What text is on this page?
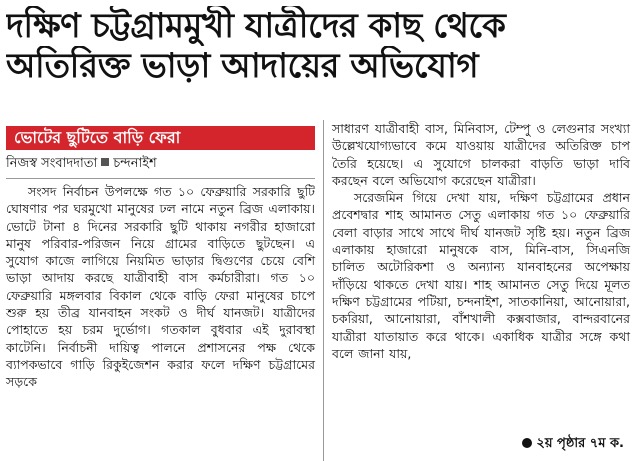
দক্ষিণ চট্টগ্রামমুখী যাত্রীদের কাছ থেকে
অতিরিক্ত ভাড়া আদায়ের অভিযোগ
ভোটের ছুটিতে বাড়ি ফেরা
নিজস্ব সংবাদদাতা চন্দনাইশ

সংসদ নির্বাচন উপলক্ষে গত ১০ ফেব্রুয়ারি সরকারি ছুটি ঘোষণার পর ঘরমুখো মানুষের ঢল নামে নতুন ব্রিজ এলাকায়। ভোটে টানা ৪ দিনের সরকারি ছুটি থাকায় নগরীর হাজারো মানুষ পরিবার-পরিজন নিয়ে গ্রামের বাড়িতে ছুটছেন। এ সুযোগ কাজে লাগিয়ে নিয়মিত ভাড়ার দ্বিগুণের চেয়ে বেশি ভাড়া আদায় করছে যাত্রীবাহী বাস কর্মচারীরা। গত ১০ ফেব্রুয়ারি মঙ্গলবার বিকাল থেকে বাড়ি ফেরা মানুষের চাপে শুরু হয় তীব্র যানবাহন সংকট ও দীর্ঘ যানজট। যাত্রীদের পোহাতে হয় চরম দুর্ভোগ। গতকাল বুধবার এই দুরাবস্থা কাটেনি। নির্বাচনী দায়িত্ব পালনে প্রশাসনের পক্ষ থেকে ব্যাপকভাবে গাড়ি রিকুইজেশন করার ফলে দক্ষিণ চট্টগ্রামের সড়কে

সাধারণ যাত্রীবাহী বাস, মিনিবাস, টেম্পু ও লেগুনার সংখ্যা উল্লেখযোগ্যভাবে কমে যাওয়ায় যাত্রীদের অতিরিক্ত চাপ তৈরি হয়েছে। এ সুযোগে চালকরা বাড়তি ভাড়া দাবি করছেন বলে অভিযোগ করেছেন যাত্রীরা।

সরেজমিন গিয়ে দেখা যায়, দক্ষিণ চট্টগ্রামের প্রধান প্রবেশদ্বার শাহ আমানত সেতু এলাকায় গত ১০ ফেব্রুয়ারি বেলা বাড়ার সাথে সাথে দীর্ঘ যানজট সৃষ্টি হয়। নতুন ব্রিজ এলাকায় হাজারো মানুষকে বাস, মিনি-বাস, সিএনজি চালিত অটোরিকশা ও অন্যান্য যানবাহনের অপেক্ষায় দাঁড়িয়ে থাকতে দেখা যায়। শাহ আমানত সেতু দিয়ে মূলত দক্ষিণ চট্টগ্রামের পটিয়া, চন্দনাইশ, সাতকানিয়া, আনোয়ারা, চকরিয়া, আনোয়ারা, বাঁশখালী কক্সবাজার, বান্দরবানের যাত্রীরা যাতায়াত করে থাকে। একাধিক যাত্রীর সঙ্গে কথা বলে জানা যায়,

২য় পৃষ্ঠার ৭ম ক.
